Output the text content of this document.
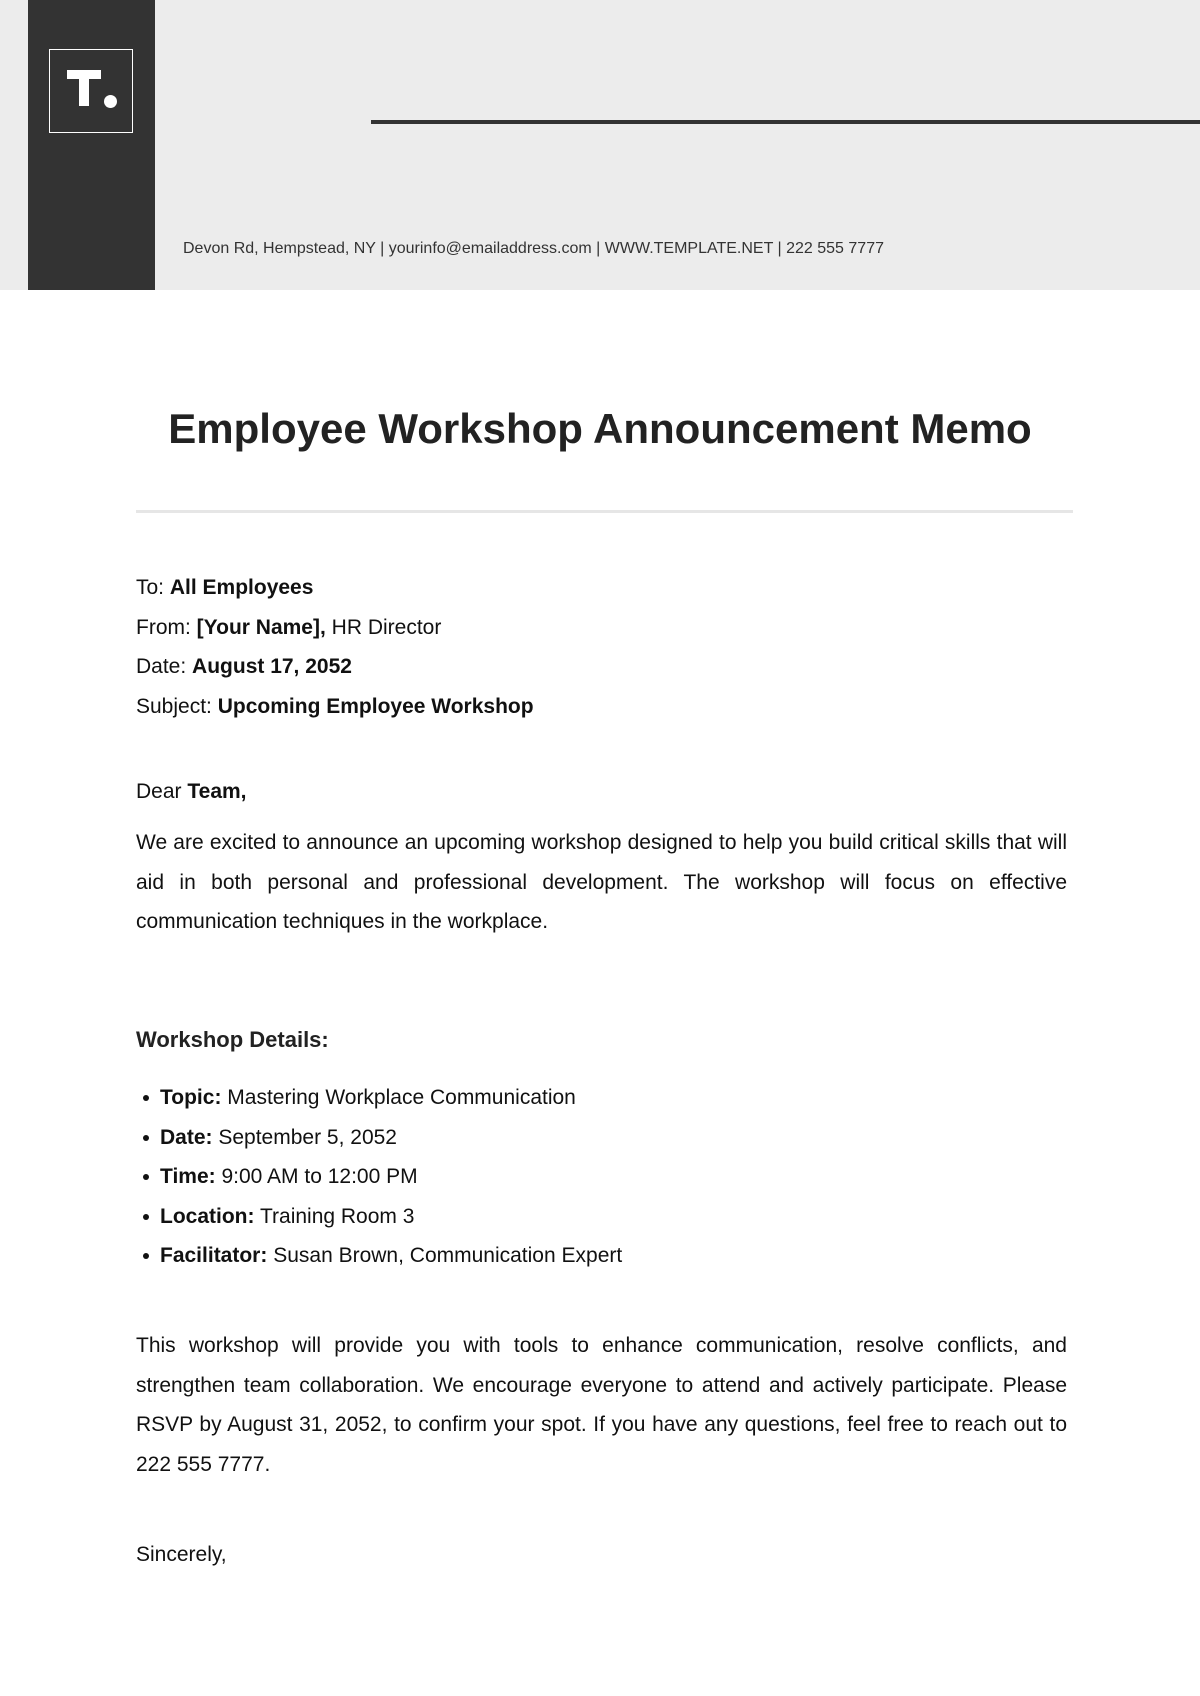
Devon Rd, Hempstead, NY | yourinfo@emailaddress.com | WWW.TEMPLATE.NET | 222 555 7777
Employee Workshop Announcement Memo
To: All Employees
From: [Your Name], HR Director
Date: August 17, 2052
Subject: Upcoming Employee Workshop
Dear Team,

We are excited to announce an upcoming workshop designed to help you build critical skills that will aid in both personal and professional development. The workshop will focus on effective communication techniques in the workplace.

Workshop Details:
Topic: Mastering Workplace Communication
Date: September 5, 2052
Time: 9:00 AM to 12:00 PM
Location: Training Room 3
Facilitator: Susan Brown, Communication Expert

This workshop will provide you with tools to enhance communication, resolve conflicts, and strengthen team collaboration. We encourage everyone to attend and actively participate. Please RSVP by August 31, 2052, to confirm your spot. If you have any questions, feel free to reach out to 222 555 7777.

Sincerely,
